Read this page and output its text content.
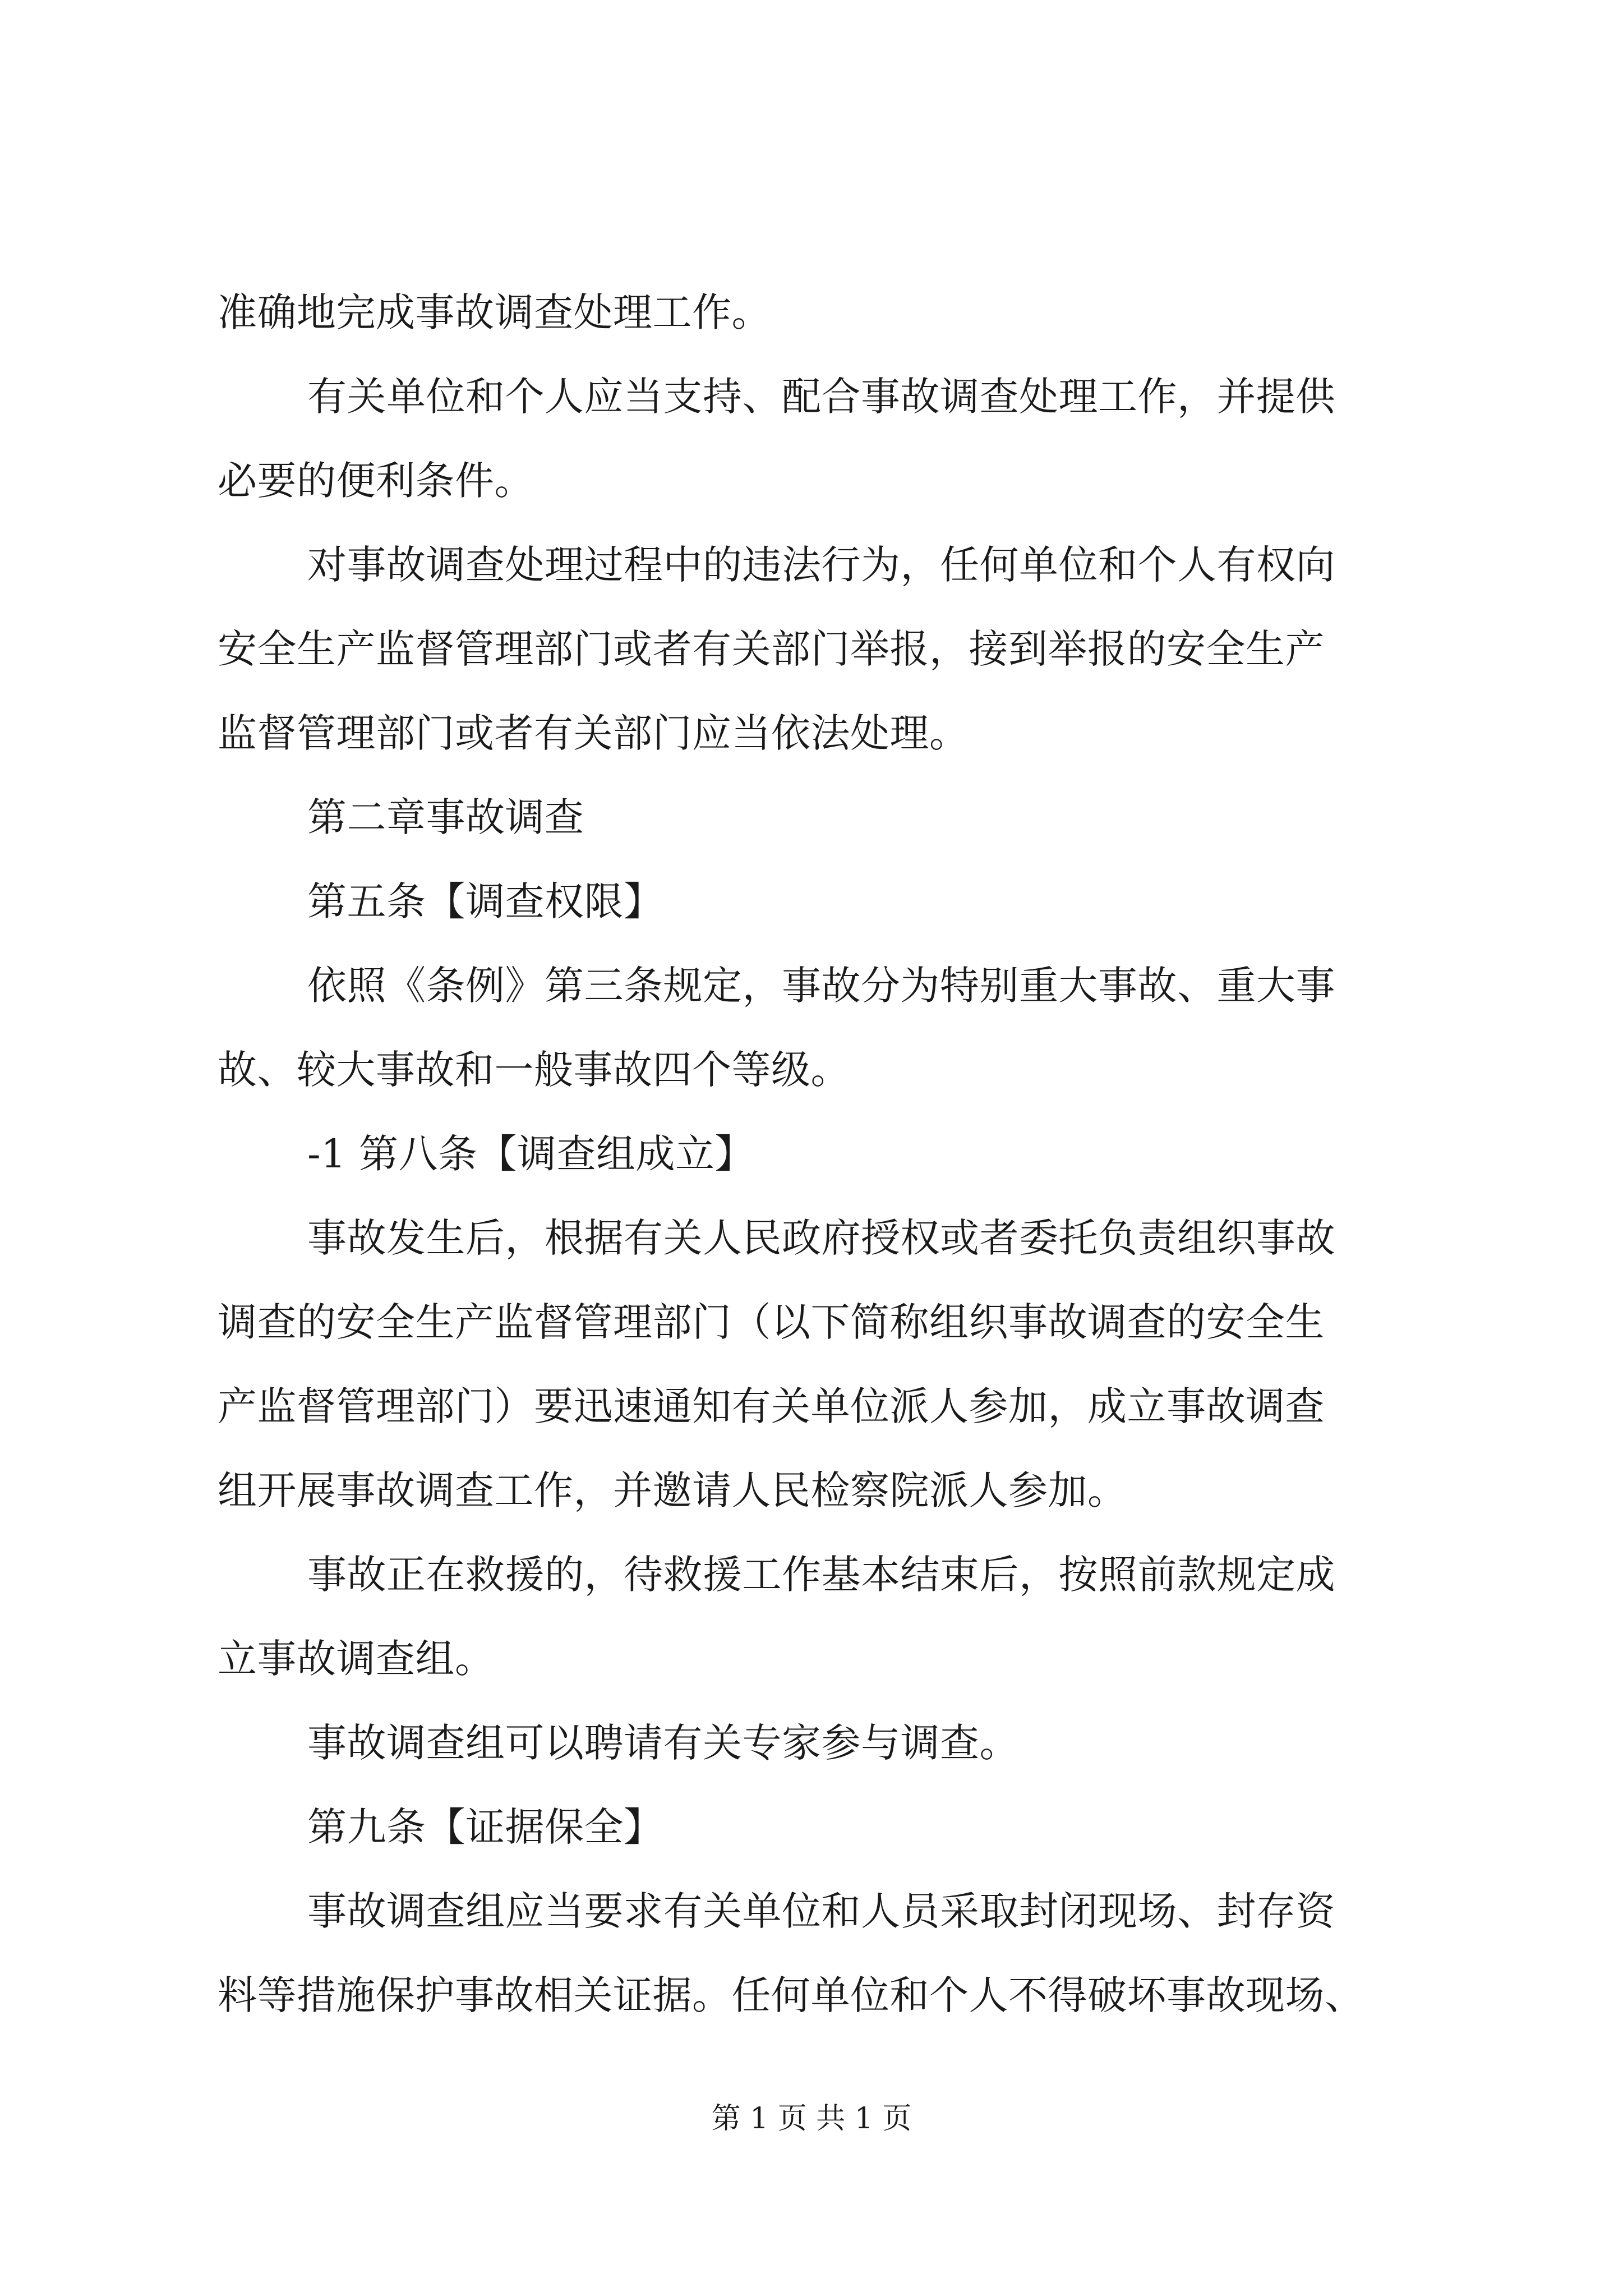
准确地完成事故调查处理工作。
有关单位和个人应当支持、配合事故调查处理工作，并提供
必要的便利条件。
对事故调查处理过程中的违法行为，任何单位和个人有权向
安全生产监督管理部门或者有关部门举报，接到举报的安全生产
监督管理部门或者有关部门应当依法处理。
第二章事故调查
第五条【调查权限】
依照《条例》第三条规定，事故分为特别重大事故、重大事
故、较大事故和一般事故四个等级。
-1 第八条【调查组成立】
事故发生后，根据有关人民政府授权或者委托负责组织事故
调查的安全生产监督管理部门（以下简称组织事故调查的安全生
产监督管理部门）要迅速通知有关单位派人参加，成立事故调查
组开展事故调查工作，并邀请人民检察院派人参加。
事故正在救援的，待救援工作基本结束后，按照前款规定成
立事故调查组。
事故调查组可以聘请有关专家参与调查。
第九条【证据保全】
事故调查组应当要求有关单位和人员采取封闭现场、封存资
料等措施保护事故相关证据。任何单位和个人不得破坏事故现场、
第 1 页 共 1 页
